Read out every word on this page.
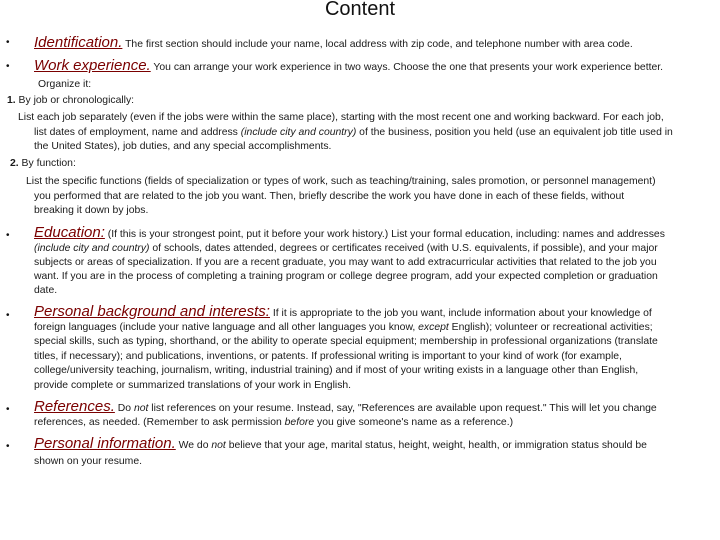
Content
• Identification. The first section should include your name, local address with zip code, and telephone number with area code.
• Work experience. You can arrange your work experience in two ways. Choose the one that presents your work experience better.
Organize it:
1. By job or chronologically:
List each job separately (even if the jobs were within the same place), starting with the most recent one and working backward. For each job,
list dates of employment, name and address (include city and country) of the business, position you held (use an equivalent job title used in
the United States), job duties, and any special accomplishments.
2. By function:
List the specific functions (fields of specialization or types of work, such as teaching/training, sales promotion, or personnel management)
you performed that are related to the job you want. Then, briefly describe the work you have done in each of these fields, without
breaking it down by jobs.
• Education: (If this is your strongest point, put it before your work history.) List your formal education, including: names and addresses
(include city and country) of schools, dates attended, degrees or certificates received (with U.S. equivalents, if possible), and your major
subjects or areas of specialization. If you are a recent graduate, you may want to add extracurricular activities that related to the job you
want. If you are in the process of completing a training program or college degree program, add your expected completion or graduation
date.
• Personal background and interests: If it is appropriate to the job you want, include information about your knowledge of
foreign languages (include your native language and all other languages you know, except English); volunteer or recreational activities;
special skills, such as typing, shorthand, or the ability to operate special equipment; membership in professional organizations (translate
titles, if necessary); and publications, inventions, or patents. If professional writing is important to your kind of work (for example,
college/university teaching, journalism, writing, industrial training) and if most of your writing exists in a language other than English,
provide complete or summarized translations of your work in English.
• References. Do not list references on your resume. Instead, say, "References are available upon request." This will let you change
references, as needed. (Remember to ask permission before you give someone's name as a reference.)
• Personal information. We do not believe that your age, marital status, height, weight, health, or immigration status should be
shown on your resume.
